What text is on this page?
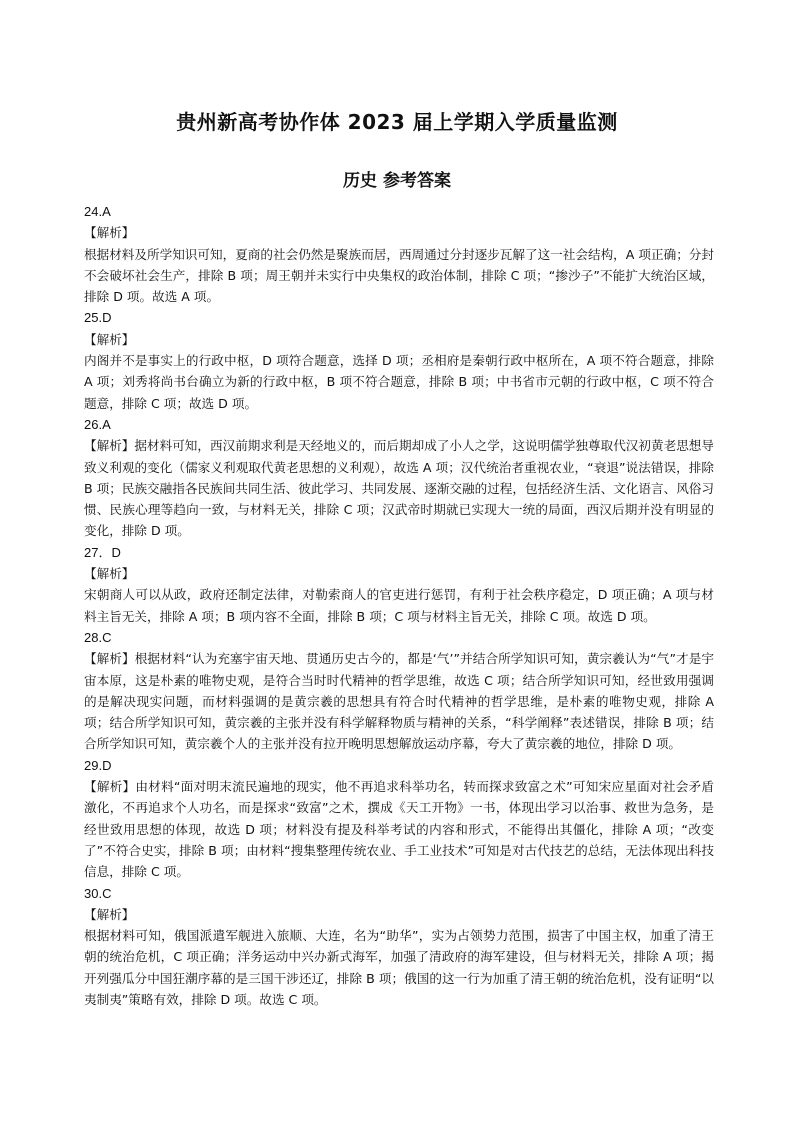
贵州新高考协作体 2023 届上学期入学质量监测
历史 参考答案
24.A
【解析】

根据材料及所学知识可知，夏商的社会仍然是聚族而居，西周通过分封逐步瓦解了这一社会结构，A 项正确；分封不会破坏社会生产，排除 B 项；周王朝并未实行中央集权的政治体制，排除 C 项；“掺沙子”不能扩大统治区域，排除 D 项。故选 A 项。

25.D
【解析】

内阁并不是事实上的行政中枢，D 项符合题意，选择 D 项；丞相府是秦朝行政中枢所在，A 项不符合题意，排除 A 项；刘秀将尚书台确立为新的行政中枢，B 项不符合题意，排除 B 项；中书省市元朝的行政中枢，C 项不符合题意，排除 C 项；故选 D 项。

26.A

【解析】据材料可知，西汉前期求利是天经地义的，而后期却成了小人之学，这说明儒学独尊取代汉初黄老思想导致义利观的变化（儒家义利观取代黄老思想的义利观），故选 A 项；汉代统治者重视农业，“衰退”说法错误，排除 B 项；民族交融指各民族间共同生活、彼此学习、共同发展、逐渐交融的过程，包括经济生活、文化语言、风俗习惯、民族心理等趋向一致，与材料无关，排除 C 项；汉武帝时期就已实现大一统的局面，西汉后期并没有明显的变化，排除 D 项。

27．D
【解析】

宋朝商人可以从政，政府还制定法律，对勒索商人的官吏进行惩罚，有利于社会秩序稳定，D 项正确；A 项与材料主旨无关，排除 A 项；B 项内容不全面，排除 B 项；C 项与材料主旨无关，排除 C 项。故选 D 项。

28.C

【解析】根据材料“认为充塞宇宙天地、贯通历史古今的，都是‘气’”并结合所学知识可知，黄宗羲认为“气”才是宇宙本原，这是朴素的唯物史观，是符合当时时代精神的哲学思维，故选 C 项；结合所学知识可知，经世致用强调的是解决现实问题，而材料强调的是黄宗羲的思想具有符合时代精神的哲学思维，是朴素的唯物史观，排除 A 项；结合所学知识可知，黄宗羲的主张并没有科学解释物质与精神的关系，“科学阐释”表述错误，排除 B 项；结合所学知识可知，黄宗羲个人的主张并没有拉开晚明思想解放运动序幕，夸大了黄宗羲的地位，排除 D 项。

29.D

【解析】由材料“面对明末流民遍地的现实，他不再追求科举功名，转而探求致富之术”可知宋应星面对社会矛盾激化，不再追求个人功名，而是探求“致富”之术，撰成《天工开物》一书，体现出学习以治事、救世为急务，是经世致用思想的体现，故选 D 项；材料没有提及科举考试的内容和形式，不能得出其僵化，排除 A 项；“改变了”不符合史实，排除 B 项；由材料“搜集整理传统农业、手工业技术”可知是对古代技艺的总结，无法体现出科技信息，排除 C 项。

30.C
【解析】

根据材料可知，俄国派遣军舰进入旅顺、大连，名为“助华”，实为占领势力范围，损害了中国主权，加重了清王朝的统治危机，C 项正确；洋务运动中兴办新式海军，加强了清政府的海军建设，但与材料无关，排除 A 项；揭开列强瓜分中国狂潮序幕的是三国干涉还辽，排除 B 项；俄国的这一行为加重了清王朝的统治危机，没有证明“以夷制夷”策略有效，排除 D 项。故选 C 项。
